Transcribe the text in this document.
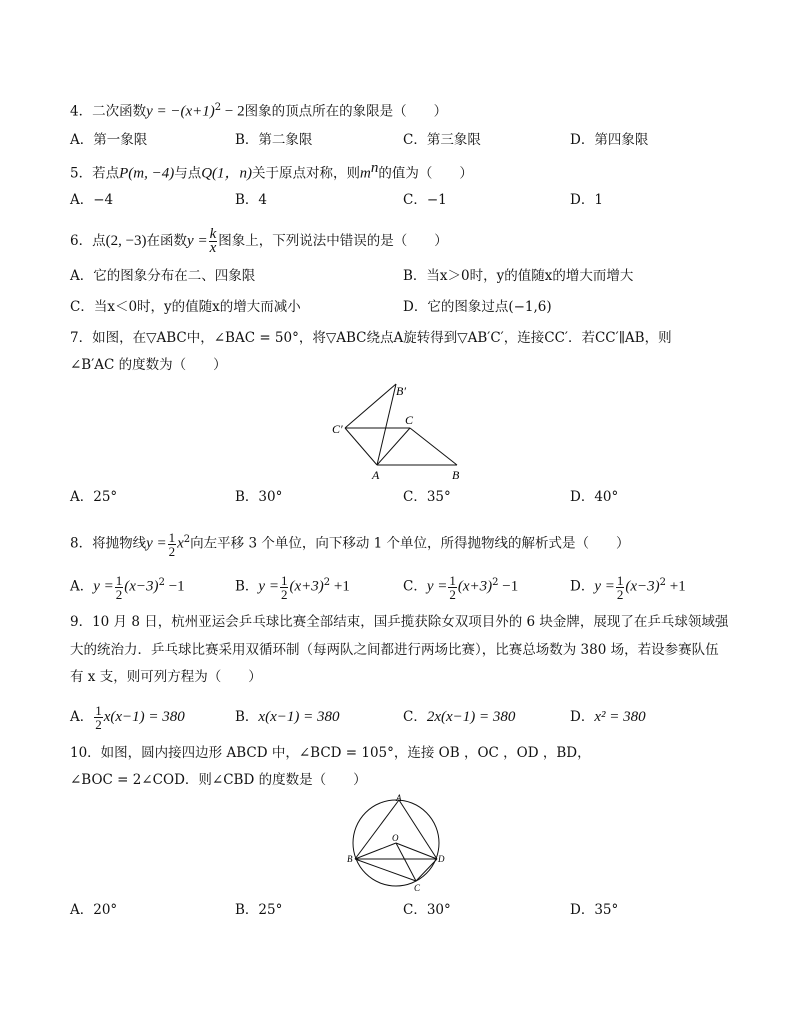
4．二次函数$y = -(x+1)^2 - 2$图象的顶点所在的象限是（　　）
A．第一象限	B．第二象限	C．第三象限	D．第四象限
5．若点P(m, −4)与点Q(1，n)关于原点对称，则$m^n$的值为（　　）
A．−4	B．4	C．−1	D．1
6．点(2, −3)在函数$y = \frac{k}{x}$ 图象上，下列说法中错误的是（　　）
A．它的图象分布在二、四象限	B．当x＞0时，y的值随x的增大而增大
C．当x＜0时，y的值随x的增大而减小	D．它的图象过点(−1,6)
7．如图，在▽ABC中，∠BAC = 50°，将▽ABC绕点A旋转得到▽AB′C′，连接CC′．若CC′∥AB，则
∠B′AC 的度数为（　　）
B′
C′
C
A	B
A．25°	B．30°	C．35°	D．40°
8．将抛物线$y = \frac{1}{2} x^2$向左平移 3 个单位，向下移动 1 个单位，所得抛物线的解析式是（　　）
A．$y = \frac{1}{2} (x-3)^2 -1$	B．$y = \frac{1}{2} (x+3)^2 +1$	C．$y = \frac{1}{2} (x+3)^2 -1$	D．$y = \frac{1}{2} (x-3)^2 +1$
9．10 月 8 日，杭州亚运会乒乓球比赛全部结束，国乒揽获除女双项目外的 6 块金牌，展现了在乒乓球领域强
大的统治力．乒乓球比赛采用双循环制（每两队之间都进行两场比赛），比赛总场数为 380 场，若设参赛队伍
有 x 支，则可列方程为（　　）
A． $\frac{1}{2} x(x-1) = 380$	B．x(x−1) = 380	C．2x(x−1) = 380	D．x² = 380
10．如图，圆内接四边形 ABCD 中，∠BCD = 105°，连接 OB ，OC ，OD ，BD，
∠BOC = 2∠COD．则∠CBD 的度数是（　　）
A
O
B	D
C
A．20°	B．25°	C．30°	D．35°
